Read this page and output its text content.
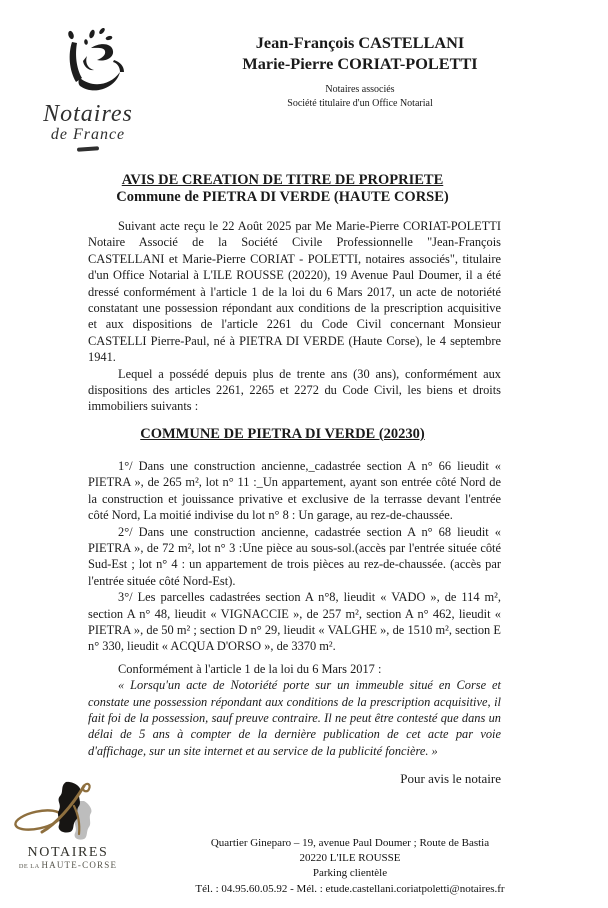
Notaires
de France
Jean-François CASTELLANI
Marie-Pierre CORIAT-POLETTI
Notaires associés
Société titulaire d'un Office Notarial
AVIS DE CREATION DE TITRE DE PROPRIETE
Commune de PIETRA DI VERDE (HAUTE CORSE)

Suivant acte reçu le 22 Août 2025 par Me Marie-Pierre CORIAT-POLETTI Notaire Associé de la Société Civile Professionnelle "Jean-François CASTELLANI et Marie-Pierre CORIAT - POLETTI, notaires associés", titulaire d'un Office Notarial à L'ILE ROUSSE (20220), 19 Avenue Paul Doumer, il a été dressé conformément à l'article 1 de la loi du 6 Mars 2017, un acte de notoriété constatant une possession répondant aux conditions de la prescription acquisitive et aux dispositions de l'article 2261 du Code Civil concernant Monsieur CASTELLI Pierre-Paul, né à PIETRA DI VERDE (Haute Corse), le 4 septembre 1941.

Lequel a possédé depuis plus de trente ans (30 ans), conformément aux dispositions des articles 2261, 2265 et 2272 du Code Civil, les biens et droits immobiliers suivants :

COMMUNE DE PIETRA DI VERDE (20230)

1°/ Dans une construction ancienne,_cadastrée section A n° 66 lieudit « PIETRA », de 265 m², lot n° 11 :_Un appartement, ayant son entrée côté Nord de la construction et jouissance privative et exclusive de la terrasse devant l'entrée côté Nord, La moitié indivise du lot n° 8 : Un garage, au rez-de-chaussée.

2°/ Dans une construction ancienne, cadastrée section A n° 68 lieudit « PIETRA », de 72 m², lot n° 3 :Une pièce au sous-sol.(accès par l'entrée située côté Sud-Est ; lot n° 4 : un appartement de trois pièces au rez-de-chaussée. (accès par l'entrée située côté Nord-Est).

3°/ Les parcelles cadastrées section A n°8, lieudit « VADO », de 114 m², section A n° 48, lieudit « VIGNACCIE », de 257 m², section A n° 462, lieudit « PIETRA », de 50 m² ; section D n° 29, lieudit « VALGHE », de 1510 m², section E n° 330, lieudit « ACQUA D'ORSO », de 3370 m².

Conformément à l'article 1 de la loi du 6 Mars 2017 :

« Lorsqu'un acte de Notoriété porte sur un immeuble situé en Corse et constate une possession répondant aux conditions de la prescription acquisitive, il fait foi de la possession, sauf preuve contraire. Il ne peut être contesté que dans un délai de 5 ans à compter de la dernière publication de cet acte par voie d'affichage, sur un site internet et au service de la publicité foncière. »

Pour avis le notaire
NOTAIRES
DE LA HAUTE-CORSE
Quartier Gineparo – 19, avenue Paul Doumer ; Route de Bastia
20220 L'ILE ROUSSE
Parking clientèle
Tél. : 04.95.60.05.92 - Mél. : etude.castellani.coriatpoletti@notaires.fr
